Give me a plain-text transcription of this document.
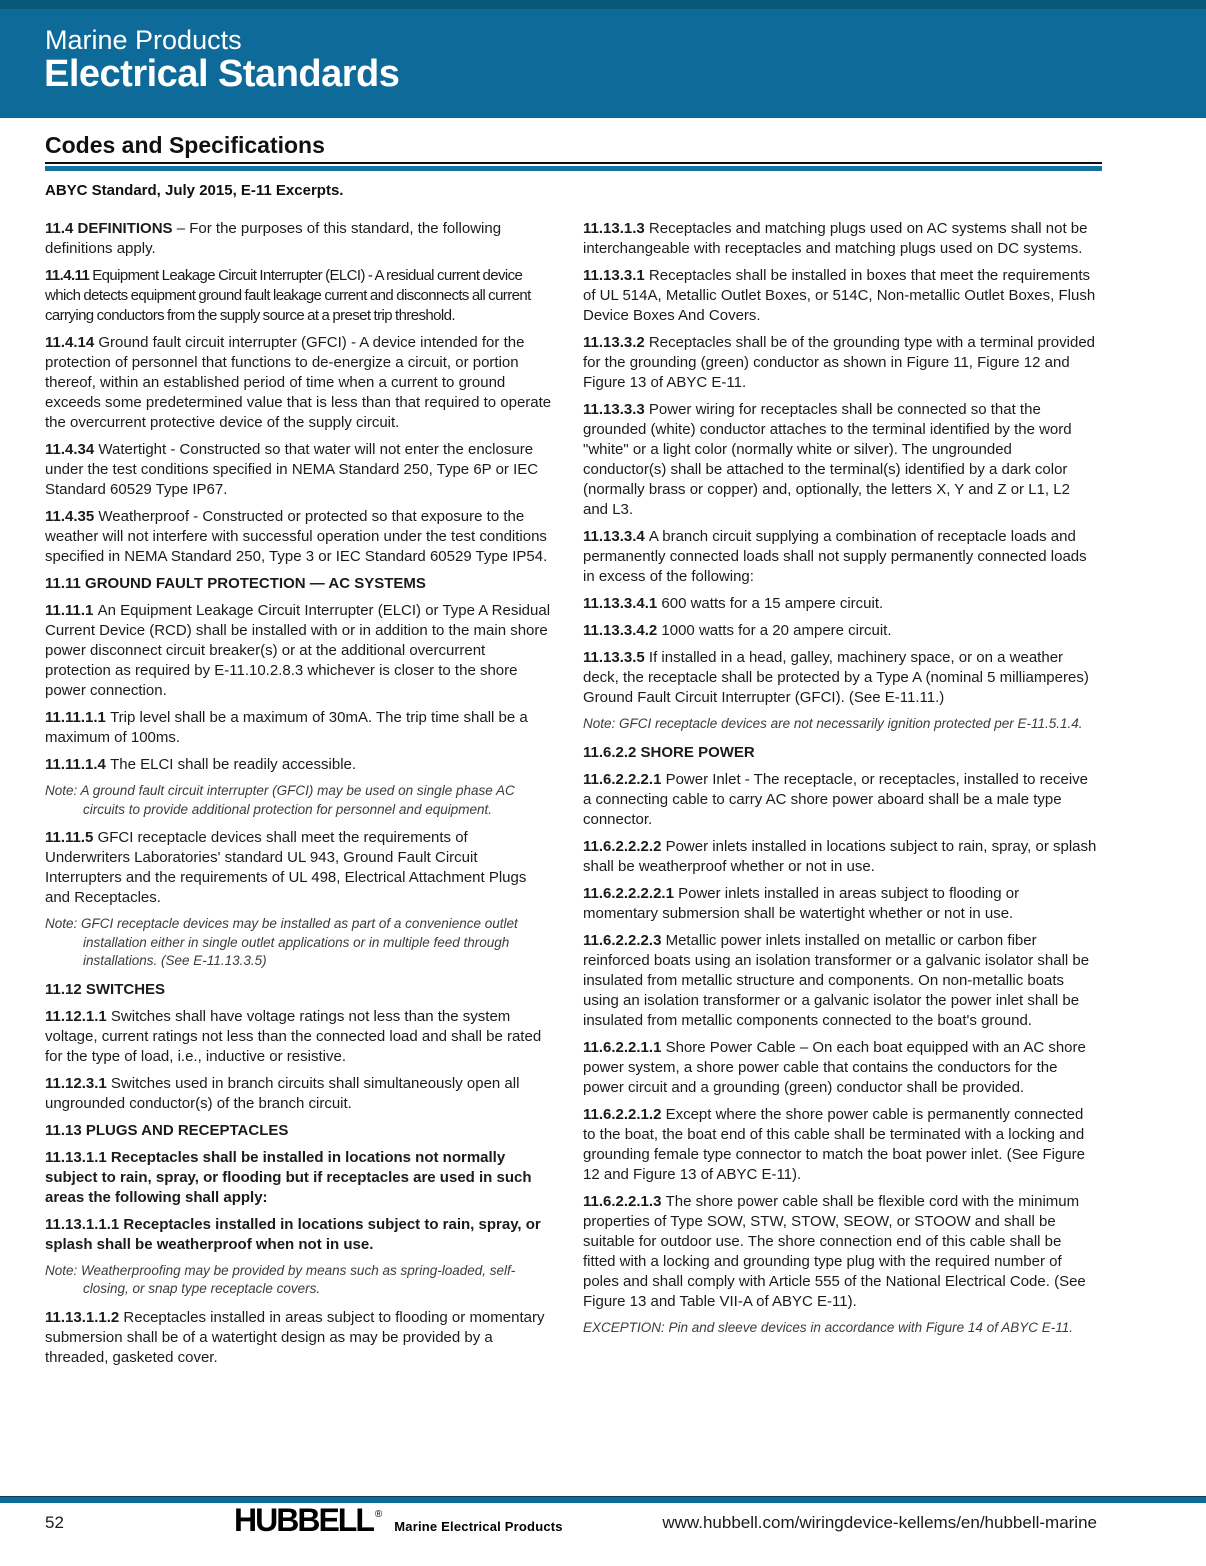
Marine Products
Electrical Standards
Codes and Specifications
ABYC Standard, July 2015, E-11 Excerpts.

11.4 DEFINITIONS – For the purposes of this standard, the following definitions apply.

11.4.11 Equipment Leakage Circuit Interrupter (ELCI) - A residual current device which detects equipment ground fault leakage current and disconnects all current carrying conductors from the supply source at a preset trip threshold.

11.4.14 Ground fault circuit interrupter (GFCI) - A device intended for the protection of personnel that functions to de-energize a circuit, or portion thereof, within an established period of time when a current to ground exceeds some predetermined value that is less than that required to operate the overcurrent protective device of the supply circuit.

11.4.34 Watertight - Constructed so that water will not enter the enclosure under the test conditions specified in NEMA Standard 250, Type 6P or IEC Standard 60529 Type IP67.

11.4.35 Weatherproof - Constructed or protected so that exposure to the weather will not interfere with successful operation under the test conditions specified in NEMA Standard 250, Type 3 or IEC Standard 60529 Type IP54.

11.11 GROUND FAULT PROTECTION — AC SYSTEMS

11.11.1 An Equipment Leakage Circuit Interrupter (ELCI) or Type A Residual Current Device (RCD) shall be installed with or in addition to the main shore power disconnect circuit breaker(s) or at the additional overcurrent protection as required by E-11.10.2.8.3 whichever is closer to the shore power connection.

11.11.1.1 Trip level shall be a maximum of 30mA. The trip time shall be a maximum of 100ms.

11.11.1.4 The ELCI shall be readily accessible.

Note: A ground fault circuit interrupter (GFCI) may be used on single phase AC circuits to provide additional protection for personnel and equipment.

11.11.5 GFCI receptacle devices shall meet the requirements of Underwriters Laboratories' standard UL 943, Ground Fault Circuit Interrupters and the requirements of UL 498, Electrical Attachment Plugs and Receptacles.

Note: GFCI receptacle devices may be installed as part of a convenience outlet installation either in single outlet applications or in multiple feed through installations. (See E-11.13.3.5)

11.12 SWITCHES

11.12.1.1 Switches shall have voltage ratings not less than the system voltage, current ratings not less than the connected load and shall be rated for the type of load, i.e., inductive or resistive.

11.12.3.1 Switches used in branch circuits shall simultaneously open all ungrounded conductor(s) of the branch circuit.

11.13 PLUGS AND RECEPTACLES

11.13.1.1 Receptacles shall be installed in locations not normally subject to rain, spray, or flooding but if receptacles are used in such areas the following shall apply:

11.13.1.1.1 Receptacles installed in locations subject to rain, spray, or splash shall be weatherproof when not in use.

Note: Weatherproofing may be provided by means such as spring-loaded, self-closing, or snap type receptacle covers.

11.13.1.1.2 Receptacles installed in areas subject to flooding or momentary submersion shall be of a watertight design as may be provided by a threaded, gasketed cover.

11.13.1.3 Receptacles and matching plugs used on AC systems shall not be interchangeable with receptacles and matching plugs used on DC systems.

11.13.3.1 Receptacles shall be installed in boxes that meet the requirements of UL 514A, Metallic Outlet Boxes, or 514C, Non-metallic Outlet Boxes, Flush Device Boxes And Covers.

11.13.3.2 Receptacles shall be of the grounding type with a terminal provided for the grounding (green) conductor as shown in Figure 11, Figure 12 and Figure 13 of ABYC E-11.

11.13.3.3 Power wiring for receptacles shall be connected so that the grounded (white) conductor attaches to the terminal identified by the word "white" or a light color (normally white or silver). The ungrounded conductor(s) shall be attached to the terminal(s) identified by a dark color (normally brass or copper) and, optionally, the letters X, Y and Z or L1, L2 and L3.

11.13.3.4 A branch circuit supplying a combination of receptacle loads and permanently connected loads shall not supply permanently connected loads in excess of the following:

11.13.3.4.1 600 watts for a 15 ampere circuit.

11.13.3.4.2 1000 watts for a 20 ampere circuit.

11.13.3.5 If installed in a head, galley, machinery space, or on a weather deck, the receptacle shall be protected by a Type A (nominal 5 milliamperes) Ground Fault Circuit Interrupter (GFCI). (See E-11.11.)

Note: GFCI receptacle devices are not necessarily ignition protected per E-11.5.1.4.

11.6.2.2 SHORE POWER

11.6.2.2.2.1 Power Inlet - The receptacle, or receptacles, installed to receive a connecting cable to carry AC shore power aboard shall be a male type connector.

11.6.2.2.2.2 Power inlets installed in locations subject to rain, spray, or splash shall be weatherproof whether or not in use.

11.6.2.2.2.2.1 Power inlets installed in areas subject to flooding or momentary submersion shall be watertight whether or not in use.

11.6.2.2.2.3 Metallic power inlets installed on metallic or carbon fiber reinforced boats using an isolation transformer or a galvanic isolator shall be insulated from metallic structure and components. On non-metallic boats using an isolation transformer or a galvanic isolator the power inlet shall be insulated from metallic components connected to the boat's ground.

11.6.2.2.1.1 Shore Power Cable – On each boat equipped with an AC shore power system, a shore power cable that contains the conductors for the power circuit and a grounding (green) conductor shall be provided.

11.6.2.2.1.2 Except where the shore power cable is permanently connected to the boat, the boat end of this cable shall be terminated with a locking and grounding female type connector to match the boat power inlet. (See Figure 12 and Figure 13 of ABYC E-11).

11.6.2.2.1.3 The shore power cable shall be flexible cord with the minimum properties of Type SOW, STW, STOW, SEOW, or STOOW and shall be suitable for outdoor use. The shore connection end of this cable shall be fitted with a locking and grounding type plug with the required number of poles and shall comply with Article 555 of the National Electrical Code. (See Figure 13 and Table VII-A of ABYC E-11).

EXCEPTION: Pin and sleeve devices in accordance with Figure 14 of ABYC E-11.

52	HUBBELL ®
Marine Electrical Products	www.hubbell.com/wiringdevice-kellems/en/hubbell-marine
